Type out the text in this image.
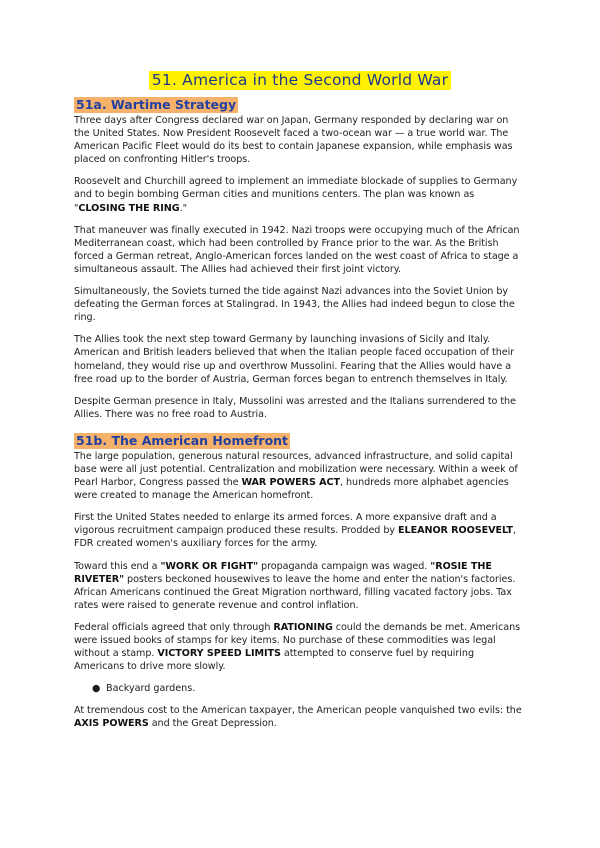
51. America in the Second World War
51a. Wartime Strategy

Three days after Congress declared war on Japan, Germany responded by declaring war on the United States. Now President Roosevelt faced a two-ocean war — a true world war. The American Pacific Fleet would do its best to contain Japanese expansion, while emphasis was placed on confronting Hitler's troops.

Roosevelt and Churchill agreed to implement an immediate blockade of supplies to Germany and to begin bombing German cities and munitions centers. The plan was known as "CLOSING THE RING."

That maneuver was finally executed in 1942. Nazi troops were occupying much of the African Mediterranean coast, which had been controlled by France prior to the war. As the British forced a German retreat, Anglo-American forces landed on the west coast of Africa to stage a simultaneous assault. The Allies had achieved their first joint victory.

Simultaneously, the Soviets turned the tide against Nazi advances into the Soviet Union by defeating the German forces at Stalingrad. In 1943, the Allies had indeed begun to close the ring.

The Allies took the next step toward Germany by launching invasions of Sicily and Italy. American and British leaders believed that when the Italian people faced occupation of their homeland, they would rise up and overthrow Mussolini. Fearing that the Allies would have a free road up to the border of Austria, German forces began to entrench themselves in Italy.

Despite German presence in Italy, Mussolini was arrested and the Italians surrendered to the Allies. There was no free road to Austria.

51b. The American Homefront

The large population, generous natural resources, advanced infrastructure, and solid capital base were all just potential. Centralization and mobilization were necessary. Within a week of Pearl Harbor, Congress passed the WAR POWERS ACT, hundreds more alphabet agencies were created to manage the American homefront.

First the United States needed to enlarge its armed forces. A more expansive draft and a vigorous recruitment campaign produced these results. Prodded by ELEANOR ROOSEVELT, FDR created women's auxiliary forces for the army.

Toward this end a "WORK OR FIGHT" propaganda campaign was waged. "ROSIE THE RIVETER" posters beckoned housewives to leave the home and enter the nation's factories. African Americans continued the Great Migration northward, filling vacated factory jobs. Tax rates were raised to generate revenue and control inflation.

Federal officials agreed that only through RATIONING could the demands be met. Americans were issued books of stamps for key items. No purchase of these commodities was legal without a stamp. VICTORY SPEED LIMITS attempted to conserve fuel by requiring Americans to drive more slowly.

● Backyard gardens.

At tremendous cost to the American taxpayer, the American people vanquished two evils: the AXIS POWERS and the Great Depression.
